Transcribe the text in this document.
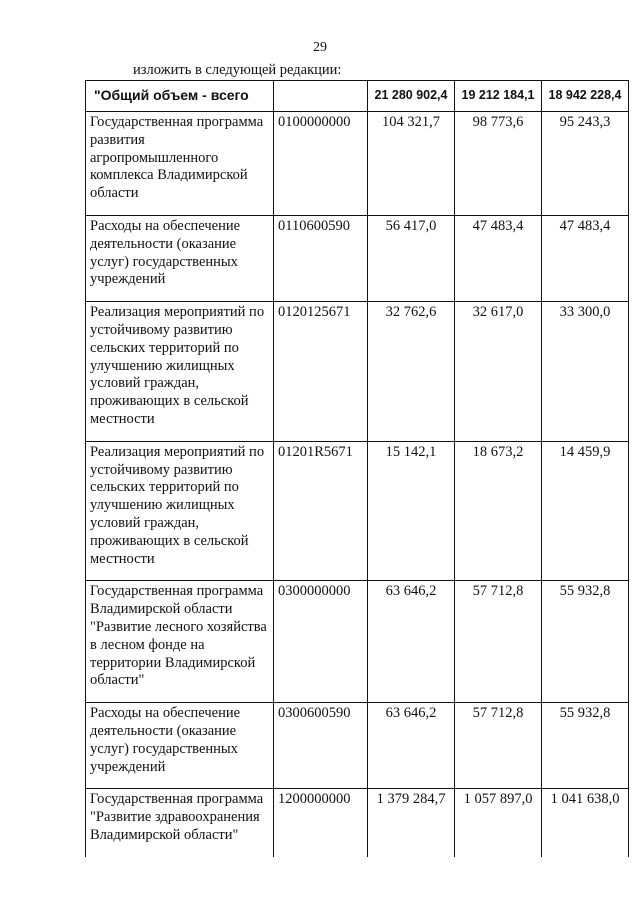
29
изложить в следующей редакции:
"Общий объем - всего		21 280 902,4	19 212 184,1	18 942 228,4
Государственная программа развития агропромышленного комплекса Владимирской области	0100000000	104 321,7	98 773,6	95 243,3
Расходы на обеспечение деятельности (оказание услуг) государственных учреждений	0110600590	56 417,0	47 483,4	47 483,4
Реализация мероприятий по устойчивому развитию сельских территорий по улучшению жилищных условий граждан, проживающих в сельской местности	0120125671	32 762,6	32 617,0	33 300,0
Реализация мероприятий по устойчивому развитию сельских территорий по улучшению жилищных условий граждан, проживающих в сельской местности	01201R5671	15 142,1	18 673,2	14 459,9
Государственная программа Владимирской области "Развитие лесного хозяйства в лесном фонде на территории Владимирской области"	0300000000	63 646,2	57 712,8	55 932,8
Расходы на обеспечение деятельности (оказание услуг) государственных учреждений	0300600590	63 646,2	57 712,8	55 932,8
Государственная программа "Развитие здравоохранения Владимирской области"	1200000000	1 379 284,7	1 057 897,0	1 041 638,0
